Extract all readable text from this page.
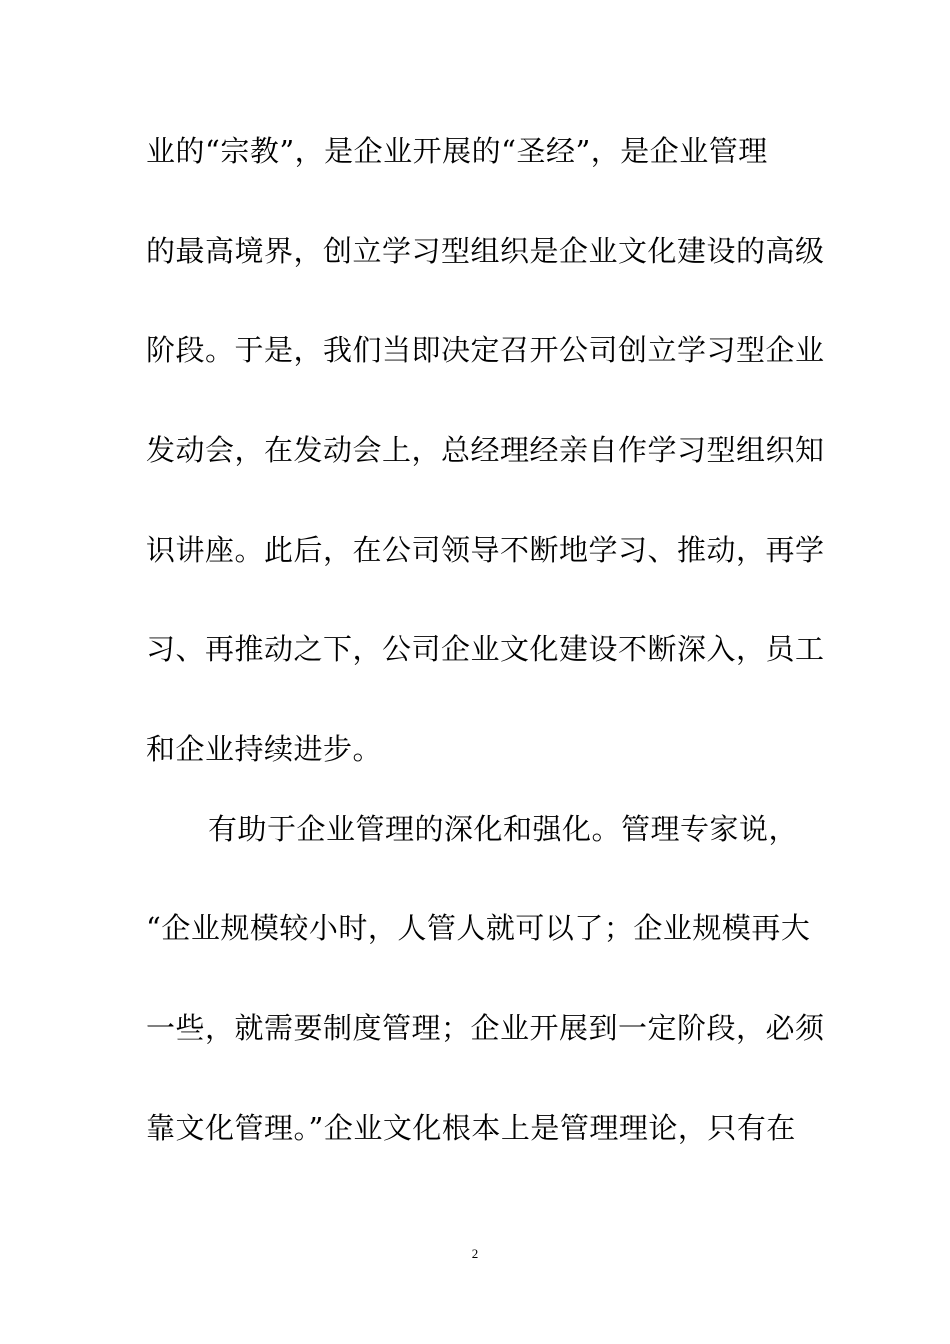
业的“宗教”，是企业开展的“圣经”，是企业管理
的最高境界，创立学习型组织是企业文化建设的高级
阶段。于是，我们当即决定召开公司创立学习型企业
发动会，在发动会上，总经理经亲自作学习型组织知
识讲座。此后，在公司领导不断地学习、推动，再学
习、再推动之下，公司企业文化建设不断深入，员工
和企业持续进步。
有助于企业管理的深化和强化。管理专家说，
“企业规模较小时，人管人就可以了；企业规模再大
一些，就需要制度管理；企业开展到一定阶段，必须
靠文化管理。”企业文化根本上是管理理论，只有在
2
